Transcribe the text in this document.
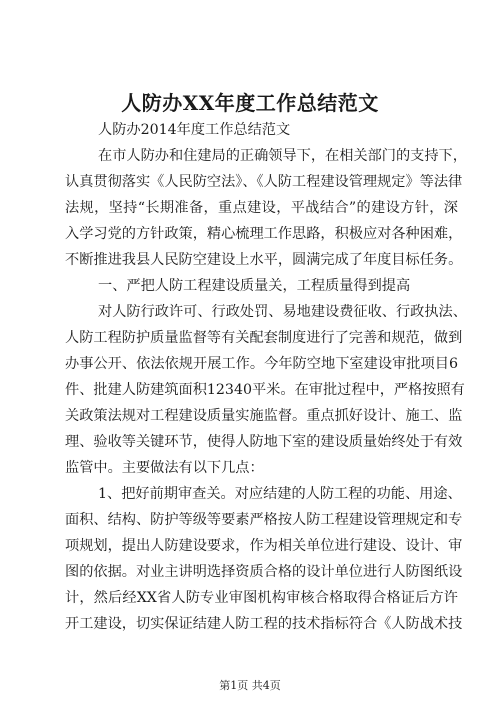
人防办XX年度工作总结范文
人防办2014年度工作总结范文
在市人防办和住建局的正确领导下，在相关部门的支持下，
认真贯彻落实《人民防空法》、《人防工程建设管理规定》等法律
法规，坚持“长期准备，重点建设，平战结合”的建设方针，深
入学习党的方针政策，精心梳理工作思路，积极应对各种困难，
不断推进我县人民防空建设上水平，圆满完成了年度目标任务。
一、严把人防工程建设质量关，工程质量得到提高
对人防行政许可、行政处罚、易地建设费征收、行政执法、
人防工程防护质量监督等有关配套制度进行了完善和规范，做到
办事公开、依法依规开展工作。今年防空地下室建设审批项目6
件、批建人防建筑面积12340平米。在审批过程中，严格按照有
关政策法规对工程建设质量实施监督。重点抓好设计、施工、监
理、验收等关键环节，使得人防地下室的建设质量始终处于有效
监管中。主要做法有以下几点：
1、把好前期审查关。对应结建的人防工程的功能、用途、
面积、结构、防护等级等要素严格按人防工程建设管理规定和专
项规划，提出人防建设要求，作为相关单位进行建设、设计、审
图的依据。对业主讲明选择资质合格的设计单位进行人防图纸设
计，然后经XX省人防专业审图机构审核合格取得合格证后方许
开工建设，切实保证结建人防工程的技术指标符合《人防战术技
第1页 共4页
